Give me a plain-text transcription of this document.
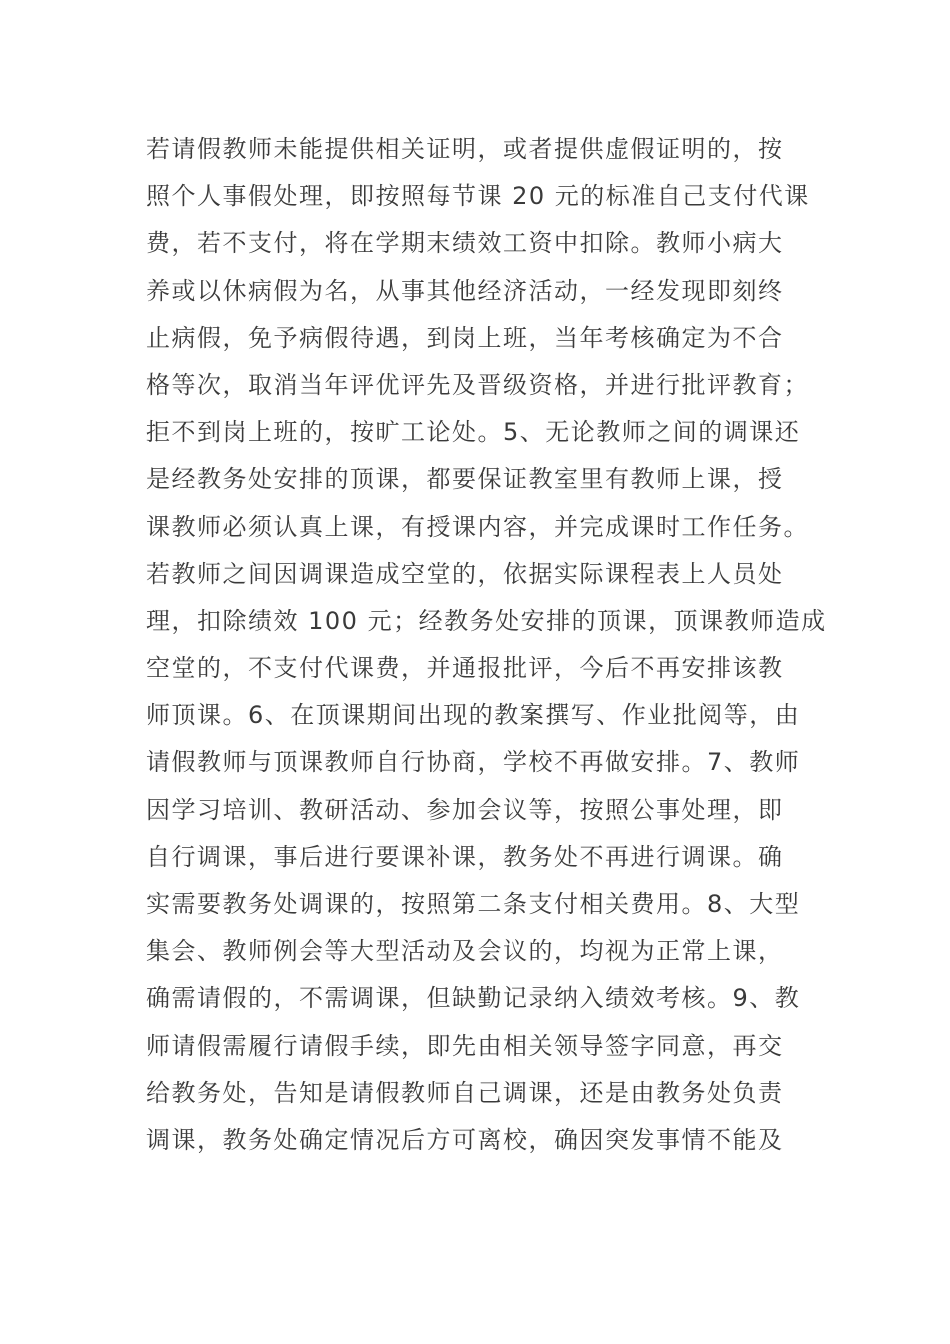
若请假教师未能提供相关证明，或者提供虚假证明的，按
照个人事假处理，即按照每节课 20 元的标准自己支付代课
费，若不支付，将在学期末绩效工资中扣除。教师小病大
养或以休病假为名，从事其他经济活动，一经发现即刻终
止病假，免予病假待遇，到岗上班，当年考核确定为不合
格等次，取消当年评优评先及晋级资格，并进行批评教育；
拒不到岗上班的，按旷工论处。5、无论教师之间的调课还
是经教务处安排的顶课，都要保证教室里有教师上课，授
课教师必须认真上课，有授课内容，并完成课时工作任务。
若教师之间因调课造成空堂的，依据实际课程表上人员处
理，扣除绩效 100 元；经教务处安排的顶课，顶课教师造成
空堂的，不支付代课费，并通报批评，今后不再安排该教
师顶课。6、在顶课期间出现的教案撰写、作业批阅等，由
请假教师与顶课教师自行协商，学校不再做安排。7、教师
因学习培训、教研活动、参加会议等，按照公事处理，即
自行调课，事后进行要课补课，教务处不再进行调课。确
实需要教务处调课的，按照第二条支付相关费用。8、大型
集会、教师例会等大型活动及会议的，均视为正常上课，
确需请假的，不需调课，但缺勤记录纳入绩效考核。9、教
师请假需履行请假手续，即先由相关领导签字同意，再交
给教务处，告知是请假教师自己调课，还是由教务处负责
调课，教务处确定情况后方可离校，确因突发事情不能及
